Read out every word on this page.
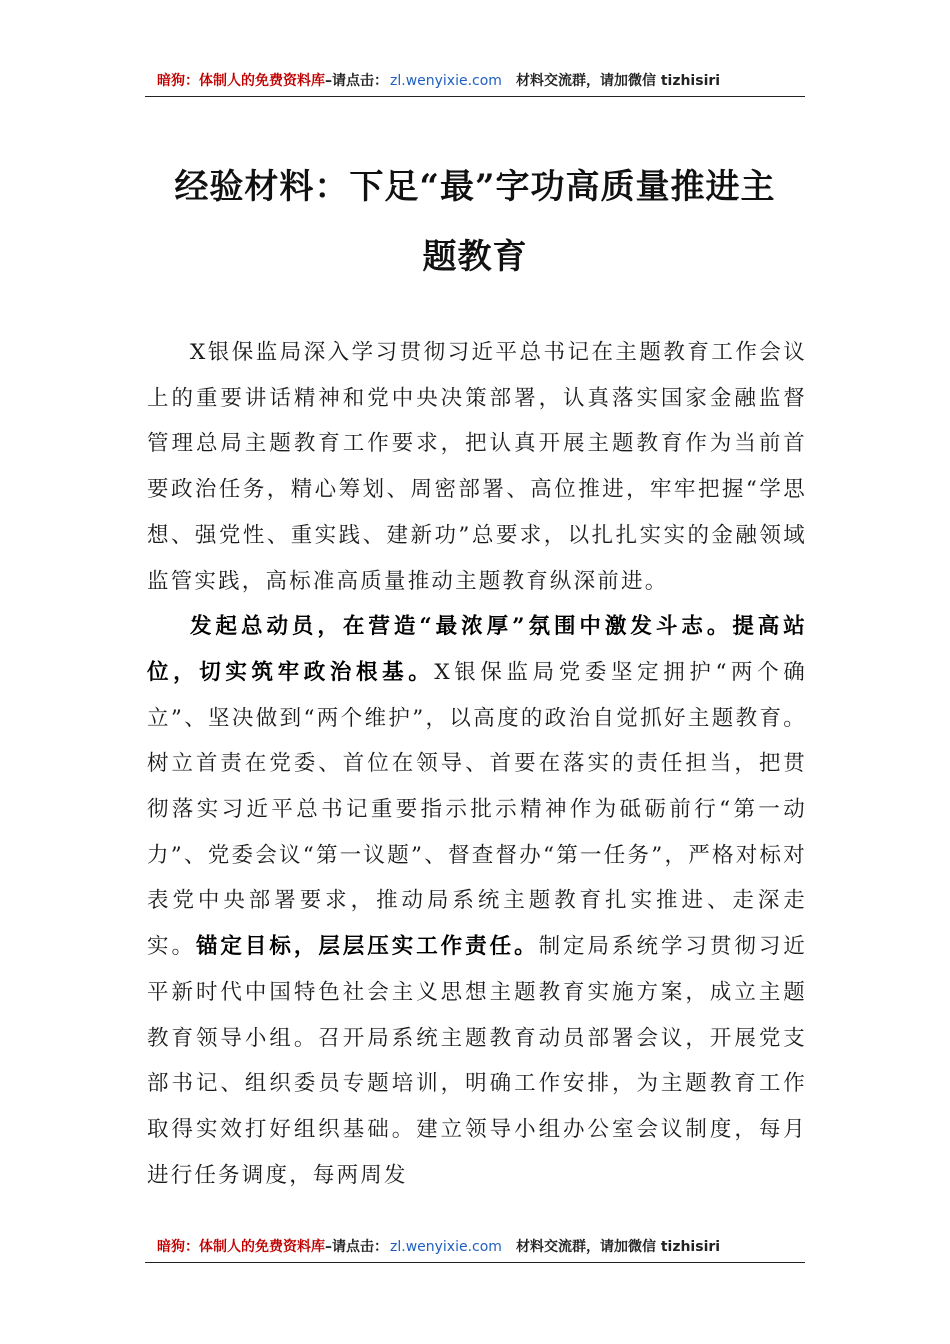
暗狗：体制人的免费资料库 –请点击： zl.wenyixie.com 材料交流群，请加微信 tizhisiri
经验材料：下足“最”字功高质量推进主
题教育

X银保监局深入学习贯彻习近平总书记在主题教育工作会议上的重要讲话精神和党中央决策部署，认真落实国家金融监督管理总局主题教育工作要求，把认真开展主题教育作为当前首要政治任务，精心筹划、周密部署、高位推进，牢牢把握“学思想、强党性、重实践、建新功”总要求，以扎扎实实的金融领域监管实践，高标准高质量推动主题教育纵深前进。

发起总动员，在营造“最浓厚”氛围中激发斗志。提高站位，切实筑牢政治根基。X银保监局党委坚定拥护“两个确立”、坚决做到“两个维护”，以高度的政治自觉抓好主题教育。树立首责在党委、首位在领导、首要在落实的责任担当，把贯彻落实习近平总书记重要指示批示精神作为砥砺前行“第一动力”、党委会议“第一议题”、督查督办“第一任务”，严格对标对表党中央部署要求，推动局系统主题教育扎实推进、走深走实。锚定目标，层层压实工作责任。制定局系统学习贯彻习近平新时代中国特色社会主义思想主题教育实施方案，成立主题教育领导小组。召开局系统主题教育动员部署会议，开展党支部书记、组织委员专题培训，明确工作安排，为主题教育工作取得实效打好组织基础。建立领导小组办公室会议制度，每月进行任务调度，每两周发

暗狗：体制人的免费资料库 –请点击： zl.wenyixie.com 材料交流群，请加微信 tizhisiri
